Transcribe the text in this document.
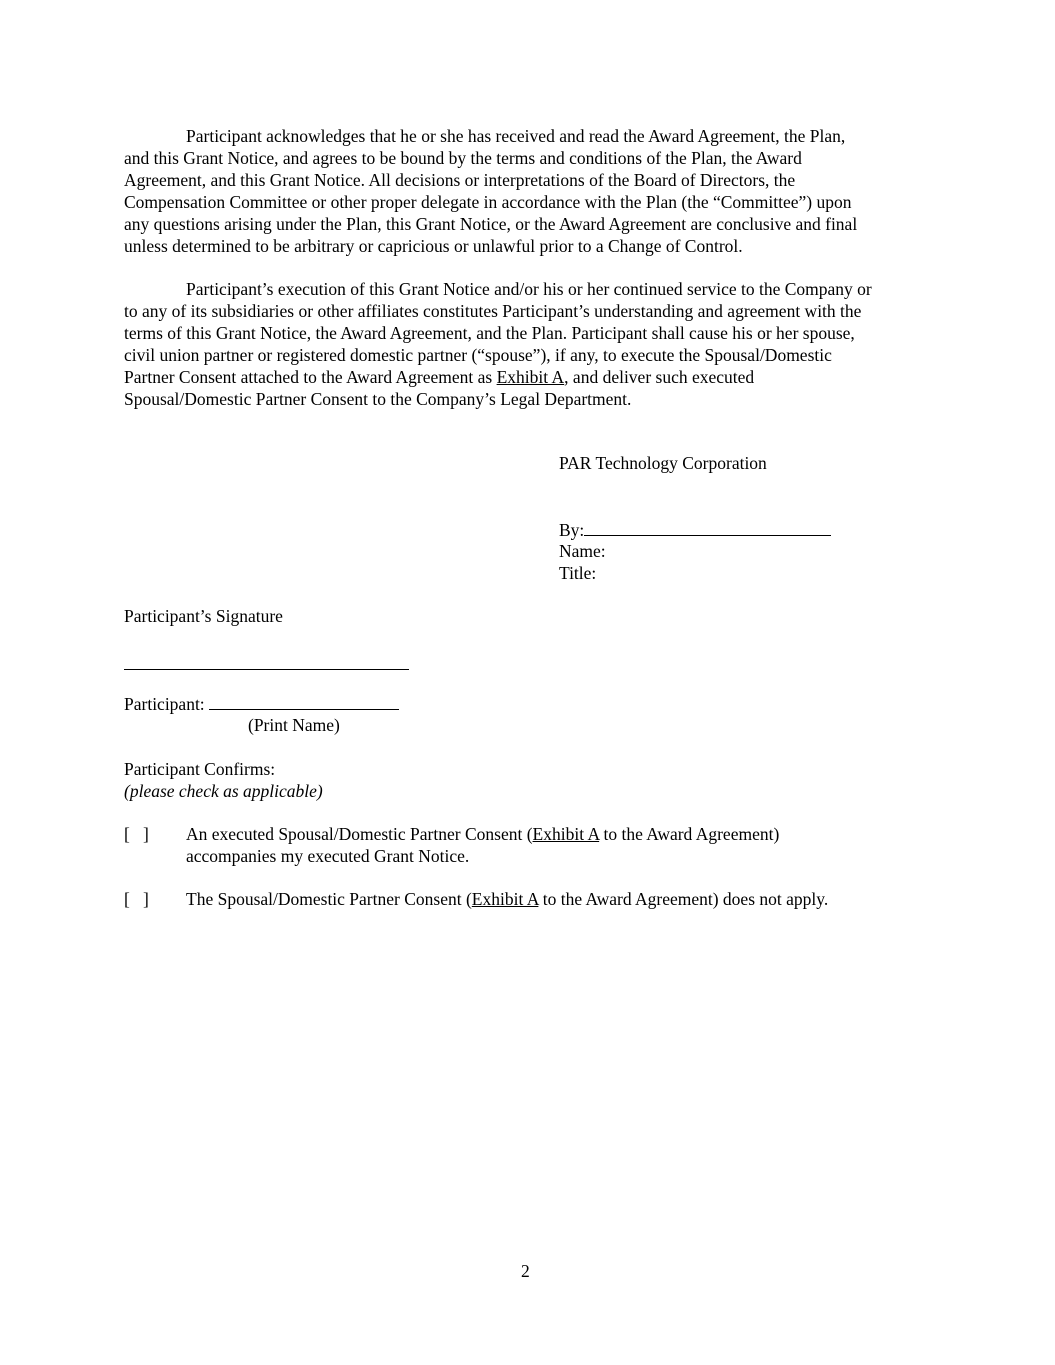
Participant acknowledges that he or she has received and read the Award Agreement, the Plan,
and this Grant Notice, and agrees to be bound by the terms and conditions of the Plan, the Award
Agreement, and this Grant Notice. All decisions or interpretations of the Board of Directors, the
Compensation Committee or other proper delegate in accordance with the Plan (the “Committee”) upon
any questions arising under the Plan, this Grant Notice, or the Award Agreement are conclusive and final
unless determined to be arbitrary or capricious or unlawful prior to a Change of Control.
Participant’s execution of this Grant Notice and/or his or her continued service to the Company or
to any of its subsidiaries or other affiliates constitutes Participant’s understanding and agreement with the
terms of this Grant Notice, the Award Agreement, and the Plan. Participant shall cause his or her spouse,
civil union partner or registered domestic partner (“spouse”), if any, to execute the Spousal/Domestic
Partner Consent attached to the Award Agreement as Exhibit A, and deliver such executed
Spousal/Domestic Partner Consent to the Company’s Legal Department.
PAR Technology Corporation
By:
Name:
Title:
Participant’s Signature
Participant:
(Print Name)
Participant Confirms:
(please check as applicable)
[   ] An executed Spousal/Domestic Partner Consent (Exhibit A to the Award Agreement)
accompanies my executed Grant Notice.
[   ] The Spousal/Domestic Partner Consent (Exhibit A to the Award Agreement) does not apply.
2
